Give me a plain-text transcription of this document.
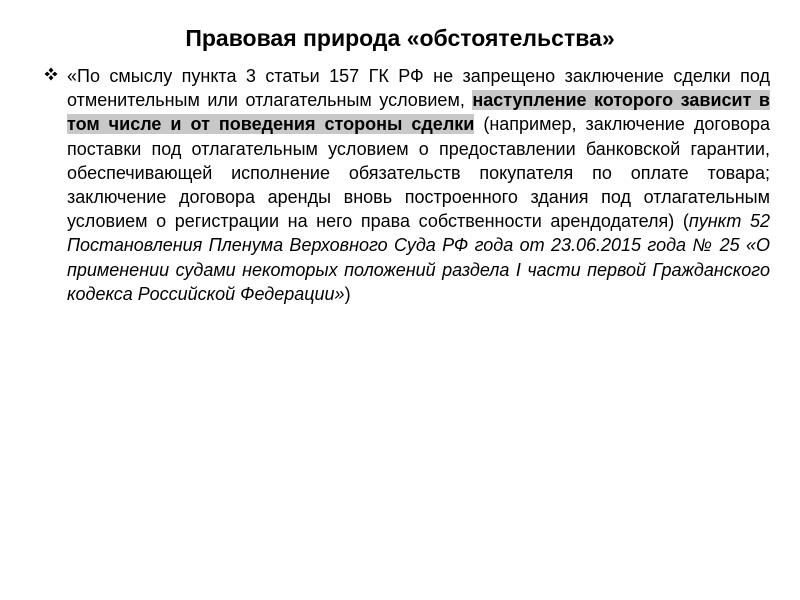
Правовая природа «обстоятельства»
«По смыслу пункта 3 статьи 157 ГК РФ не запрещено заключение сделки под отменительным или отлагательным условием, наступление которого зависит в том числе и от поведения стороны сделки (например, заключение договора поставки под отлагательным условием о предоставлении банковской гарантии, обеспечивающей исполнение обязательств покупателя по оплате товара; заключение договора аренды вновь построенного здания под отлагательным условием о регистрации на него права собственности арендодателя) (пункт 52 Постановления Пленума Верховного Суда РФ года от 23.06.2015 года № 25 «О применении судами некоторых положений раздела I части первой Гражданского кодекса Российской Федерации»)
